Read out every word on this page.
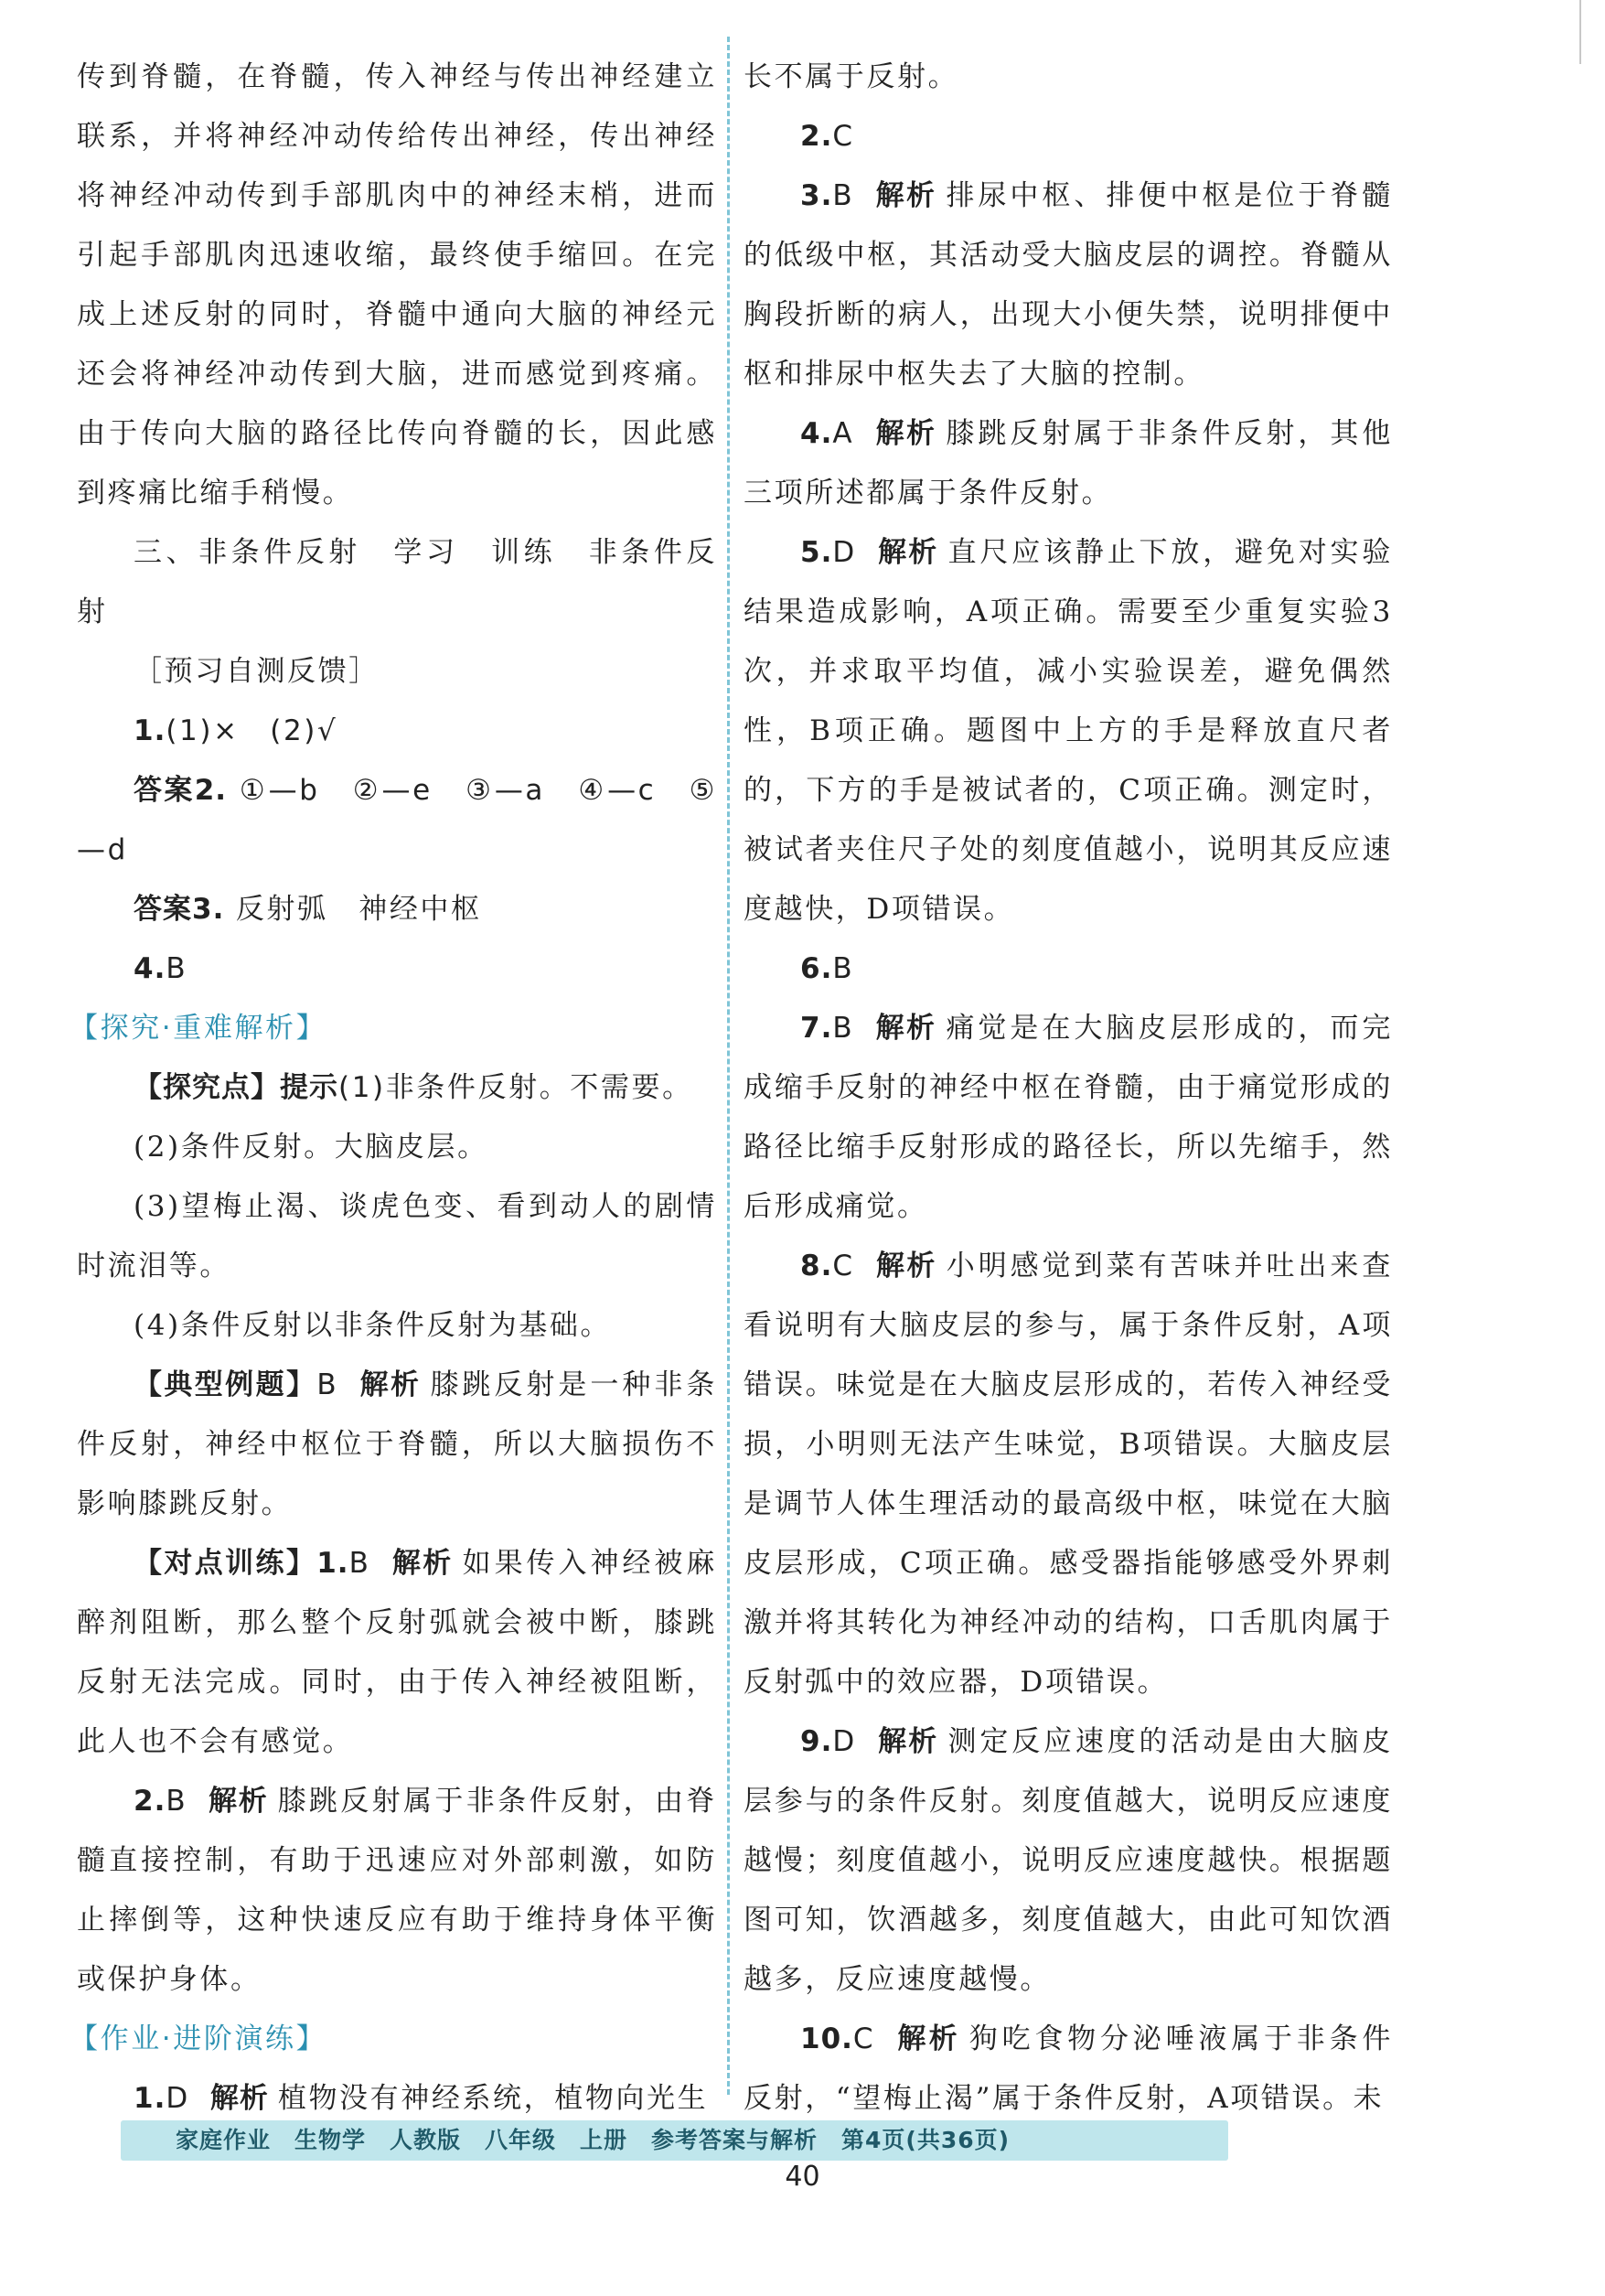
传到脊髓，在脊髓，传入神经与传出神经建立联系，并将神经冲动传给传出神经，传出神经将神经冲动传到手部肌肉中的神经末梢，进而引起手部肌肉迅速收缩，最终使手缩回。在完成上述反射的同时，脊髓中通向大脑的神经元还会将神经冲动传到大脑，进而感觉到疼痛。由于传向大脑的路径比传向脊髓的长，因此感到疼痛比缩手稍慢。

三、非条件反射　学习　训练　非条件反射

［预习自测反馈］

1.(1)×　(2)√

答案2. ①—b　②—e　③—a　④—c　⑤—d

答案3. 反射弧　神经中枢

4.B

【探究·重难解析】

【探究点】提示(1)非条件反射。不需要。

(2)条件反射。大脑皮层。

(3)望梅止渴、谈虎色变、看到动人的剧情时流泪等。

(4)条件反射以非条件反射为基础。

【典型例题】B 解析 膝跳反射是一种非条件反射，神经中枢位于脊髓，所以大脑损伤不影响膝跳反射。

【对点训练】1.B 解析 如果传入神经被麻醉剂阻断，那么整个反射弧就会被中断，膝跳反射无法完成。同时，由于传入神经被阻断，此人也不会有感觉。

2.B 解析 膝跳反射属于非条件反射，由脊髓直接控制，有助于迅速应对外部刺激，如防止摔倒等，这种快速反应有助于维持身体平衡或保护身体。

【作业·进阶演练】

1.D 解析 植物没有神经系统，植物向光生

长不属于反射。

2.C

3.B 解析 排尿中枢、排便中枢是位于脊髓的低级中枢，其活动受大脑皮层的调控。脊髓从胸段折断的病人，出现大小便失禁，说明排便中枢和排尿中枢失去了大脑的控制。

4.A 解析 膝跳反射属于非条件反射，其他三项所述都属于条件反射。

5.D 解析 直尺应该静止下放，避免对实验结果造成影响，A项正确。需要至少重复实验3次，并求取平均值，减小实验误差，避免偶然性，B项正确。题图中上方的手是释放直尺者的，下方的手是被试者的，C项正确。测定时，被试者夹住尺子处的刻度值越小，说明其反应速度越快，D项错误。

6.B

7.B 解析 痛觉是在大脑皮层形成的，而完成缩手反射的神经中枢在脊髓，由于痛觉形成的路径比缩手反射形成的路径长，所以先缩手，然后形成痛觉。

8.C 解析 小明感觉到菜有苦味并吐出来查看说明有大脑皮层的参与，属于条件反射，A项错误。味觉是在大脑皮层形成的，若传入神经受损，小明则无法产生味觉，B项错误。大脑皮层是调节人体生理活动的最高级中枢，味觉在大脑皮层形成，C项正确。感受器指能够感受外界刺激并将其转化为神经冲动的结构，口舌肌肉属于反射弧中的效应器，D项错误。

9.D 解析 测定反应速度的活动是由大脑皮层参与的条件反射。刻度值越大，说明反应速度越慢；刻度值越小，说明反应速度越快。根据题图可知，饮酒越多，刻度值越大，由此可知饮酒越多，反应速度越慢。

10.C 解析 狗吃食物分泌唾液属于非条件反射，“望梅止渴”属于条件反射，A项错误。未

家庭作业　生物学　人教版　八年级　上册　参考答案与解析　第4页(共36页)
40
